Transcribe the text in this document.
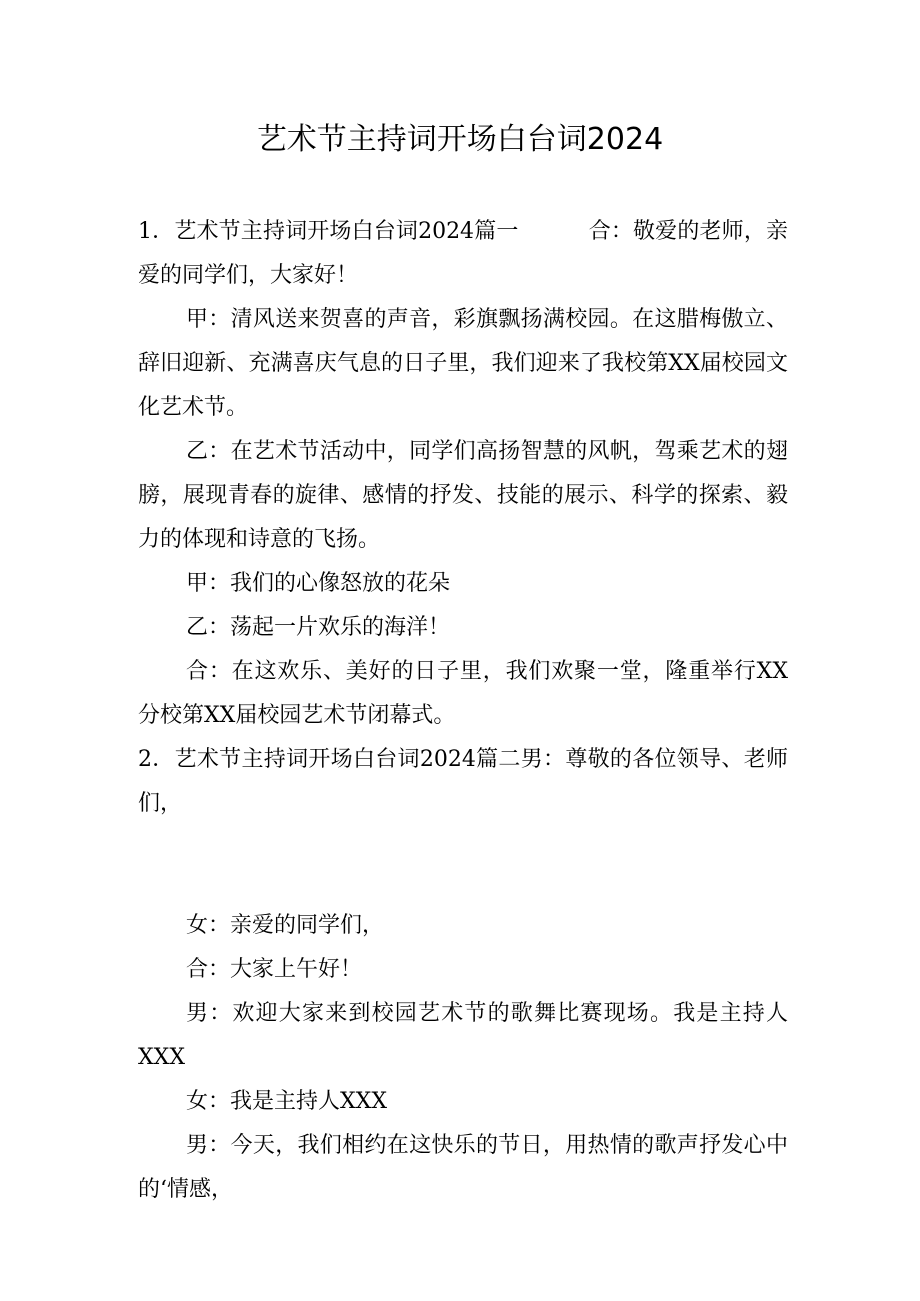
艺术节主持词开场白台词2024

1．艺术节主持词开场白台词2024篇一	合：敬爱的老师，亲爱的同学们，大家好！

甲：清风送来贺喜的声音，彩旗飘扬满校园。在这腊梅傲立、辞旧迎新、充满喜庆气息的日子里，我们迎来了我校第XX届校园文化艺术节。

乙：在艺术节活动中，同学们高扬智慧的风帆，驾乘艺术的翅膀，展现青春的旋律、感情的抒发、技能的展示、科学的探索、毅力的体现和诗意的飞扬。

甲：我们的心像怒放的花朵

乙：荡起一片欢乐的海洋！

合：在这欢乐、美好的日子里，我们欢聚一堂，隆重举行XX分校第XX届校园艺术节闭幕式。

2．艺术节主持词开场白台词2024篇二男：尊敬的各位领导、老师们，

女：亲爱的同学们，

合：大家上午好！

男：欢迎大家来到校园艺术节的歌舞比赛现场。我是主持人XXX

女：我是主持人XXX

男：今天，我们相约在这快乐的节日，用热情的歌声抒发心中的‘情感，
